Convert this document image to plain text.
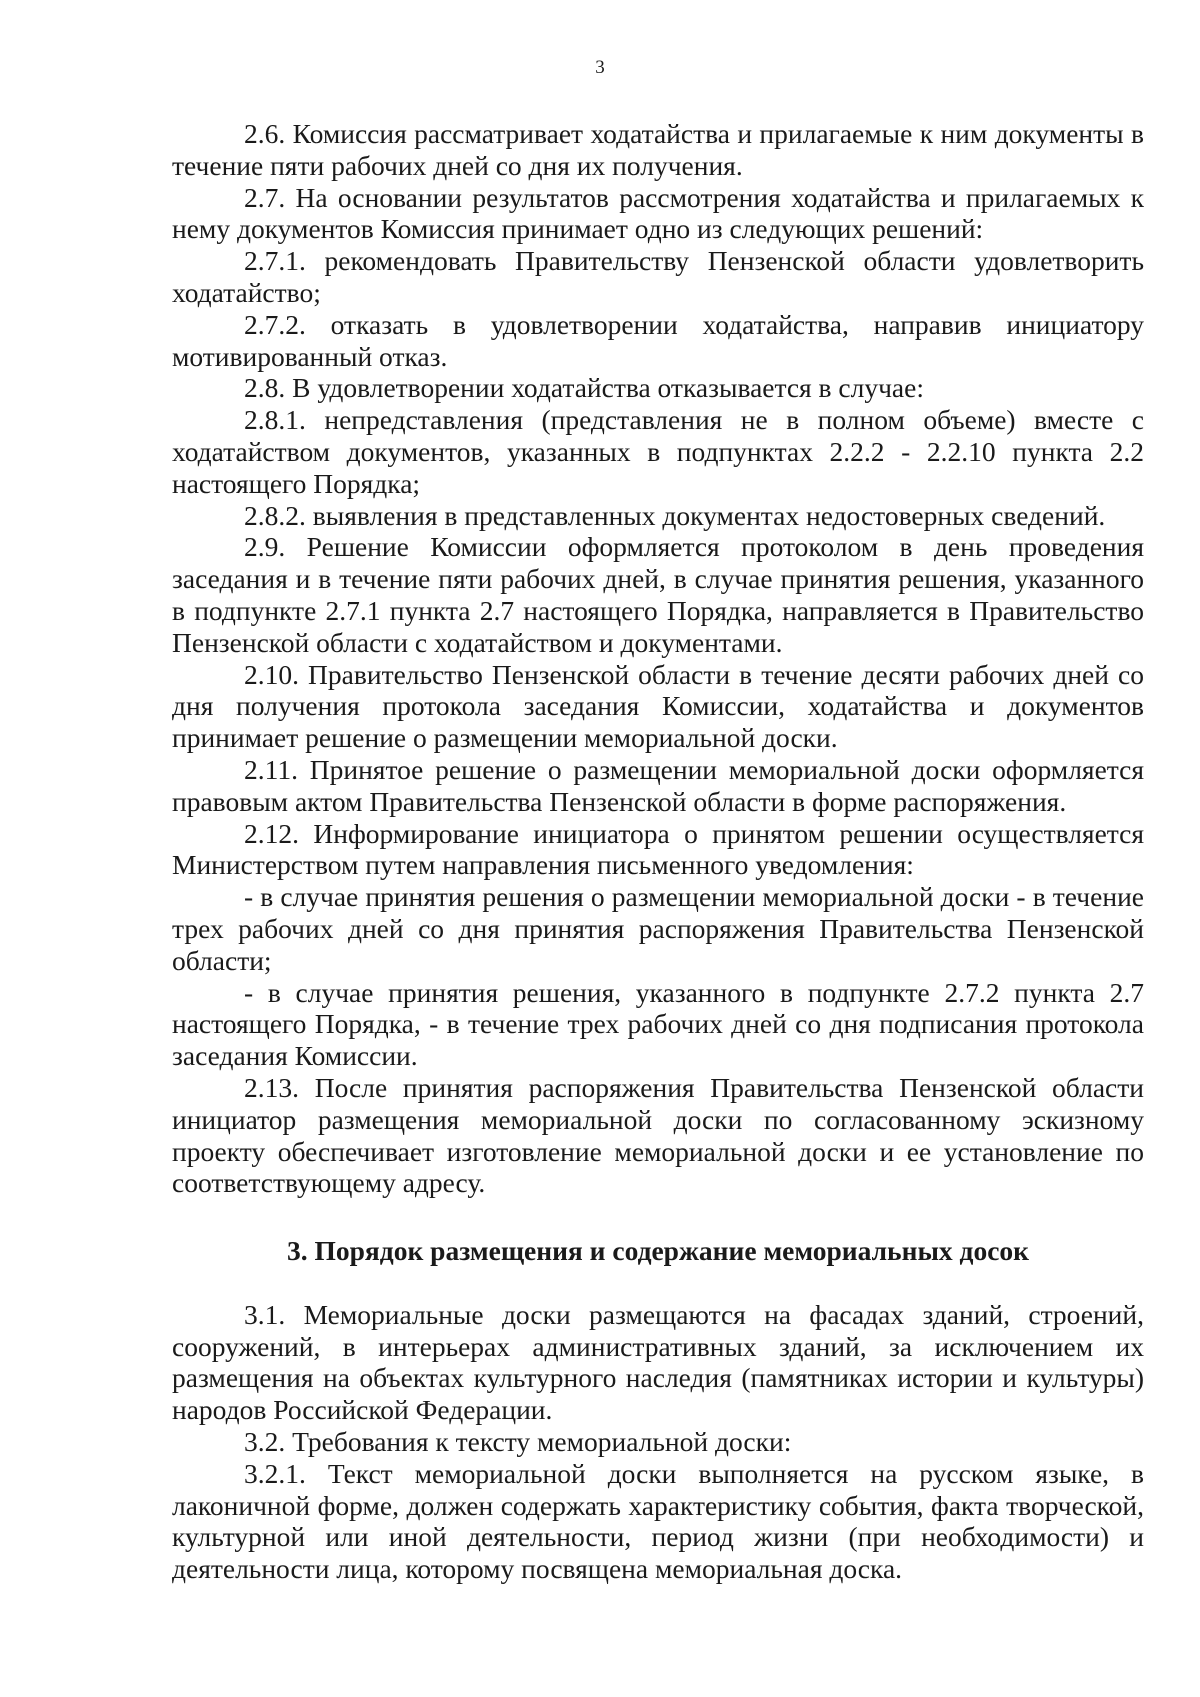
3

2.6. Комиссия рассматривает ходатайства и прилагаемые к ним документы в течение пяти рабочих дней со дня их получения.

2.7. На основании результатов рассмотрения ходатайства и прилагаемых к нему документов Комиссия принимает одно из следующих решений:

2.7.1. рекомендовать Правительству Пензенской области удовлетворить ходатайство;

2.7.2. отказать в удовлетворении ходатайства, направив инициатору мотивированный отказ.

2.8. В удовлетворении ходатайства отказывается в случае:

2.8.1. непредставления (представления не в полном объеме) вместе с ходатайством документов, указанных в подпунктах 2.2.2 - 2.2.10 пункта 2.2 настоящего Порядка;

2.8.2. выявления в представленных документах недостоверных сведений.

2.9. Решение Комиссии оформляется протоколом в день проведения заседания и в течение пяти рабочих дней, в случае принятия решения, указанного в подпункте 2.7.1 пункта 2.7 настоящего Порядка, направляется в Правительство Пензенской области с ходатайством и документами.

2.10. Правительство Пензенской области в течение десяти рабочих дней со дня получения протокола заседания Комиссии, ходатайства и документов принимает решение о размещении мемориальной доски.

2.11. Принятое решение о размещении мемориальной доски оформляется правовым актом Правительства Пензенской области в форме распоряжения.

2.12. Информирование инициатора о принятом решении осуществляется Министерством путем направления письменного уведомления:

- в случае принятия решения о размещении мемориальной доски - в течение трех рабочих дней со дня принятия распоряжения Правительства Пензенской области;

- в случае принятия решения, указанного в подпункте 2.7.2 пункта 2.7 настоящего Порядка, - в течение трех рабочих дней со дня подписания протокола заседания Комиссии.

2.13. После принятия распоряжения Правительства Пензенской области инициатор размещения мемориальной доски по согласованному эскизному проекту обеспечивает изготовление мемориальной доски и ее установление по соответствующему адресу.

3. Порядок размещения и содержание мемориальных досок

3.1. Мемориальные доски размещаются на фасадах зданий, строений, сооружений, в интерьерах административных зданий, за исключением их размещения на объектах культурного наследия (памятниках истории и культуры) народов Российской Федерации.

3.2. Требования к тексту мемориальной доски:

3.2.1. Текст мемориальной доски выполняется на русском языке, в лаконичной форме, должен содержать характеристику события, факта творческой, культурной или иной деятельности, период жизни (при необходимости) и деятельности лица, которому посвящена мемориальная доска.
